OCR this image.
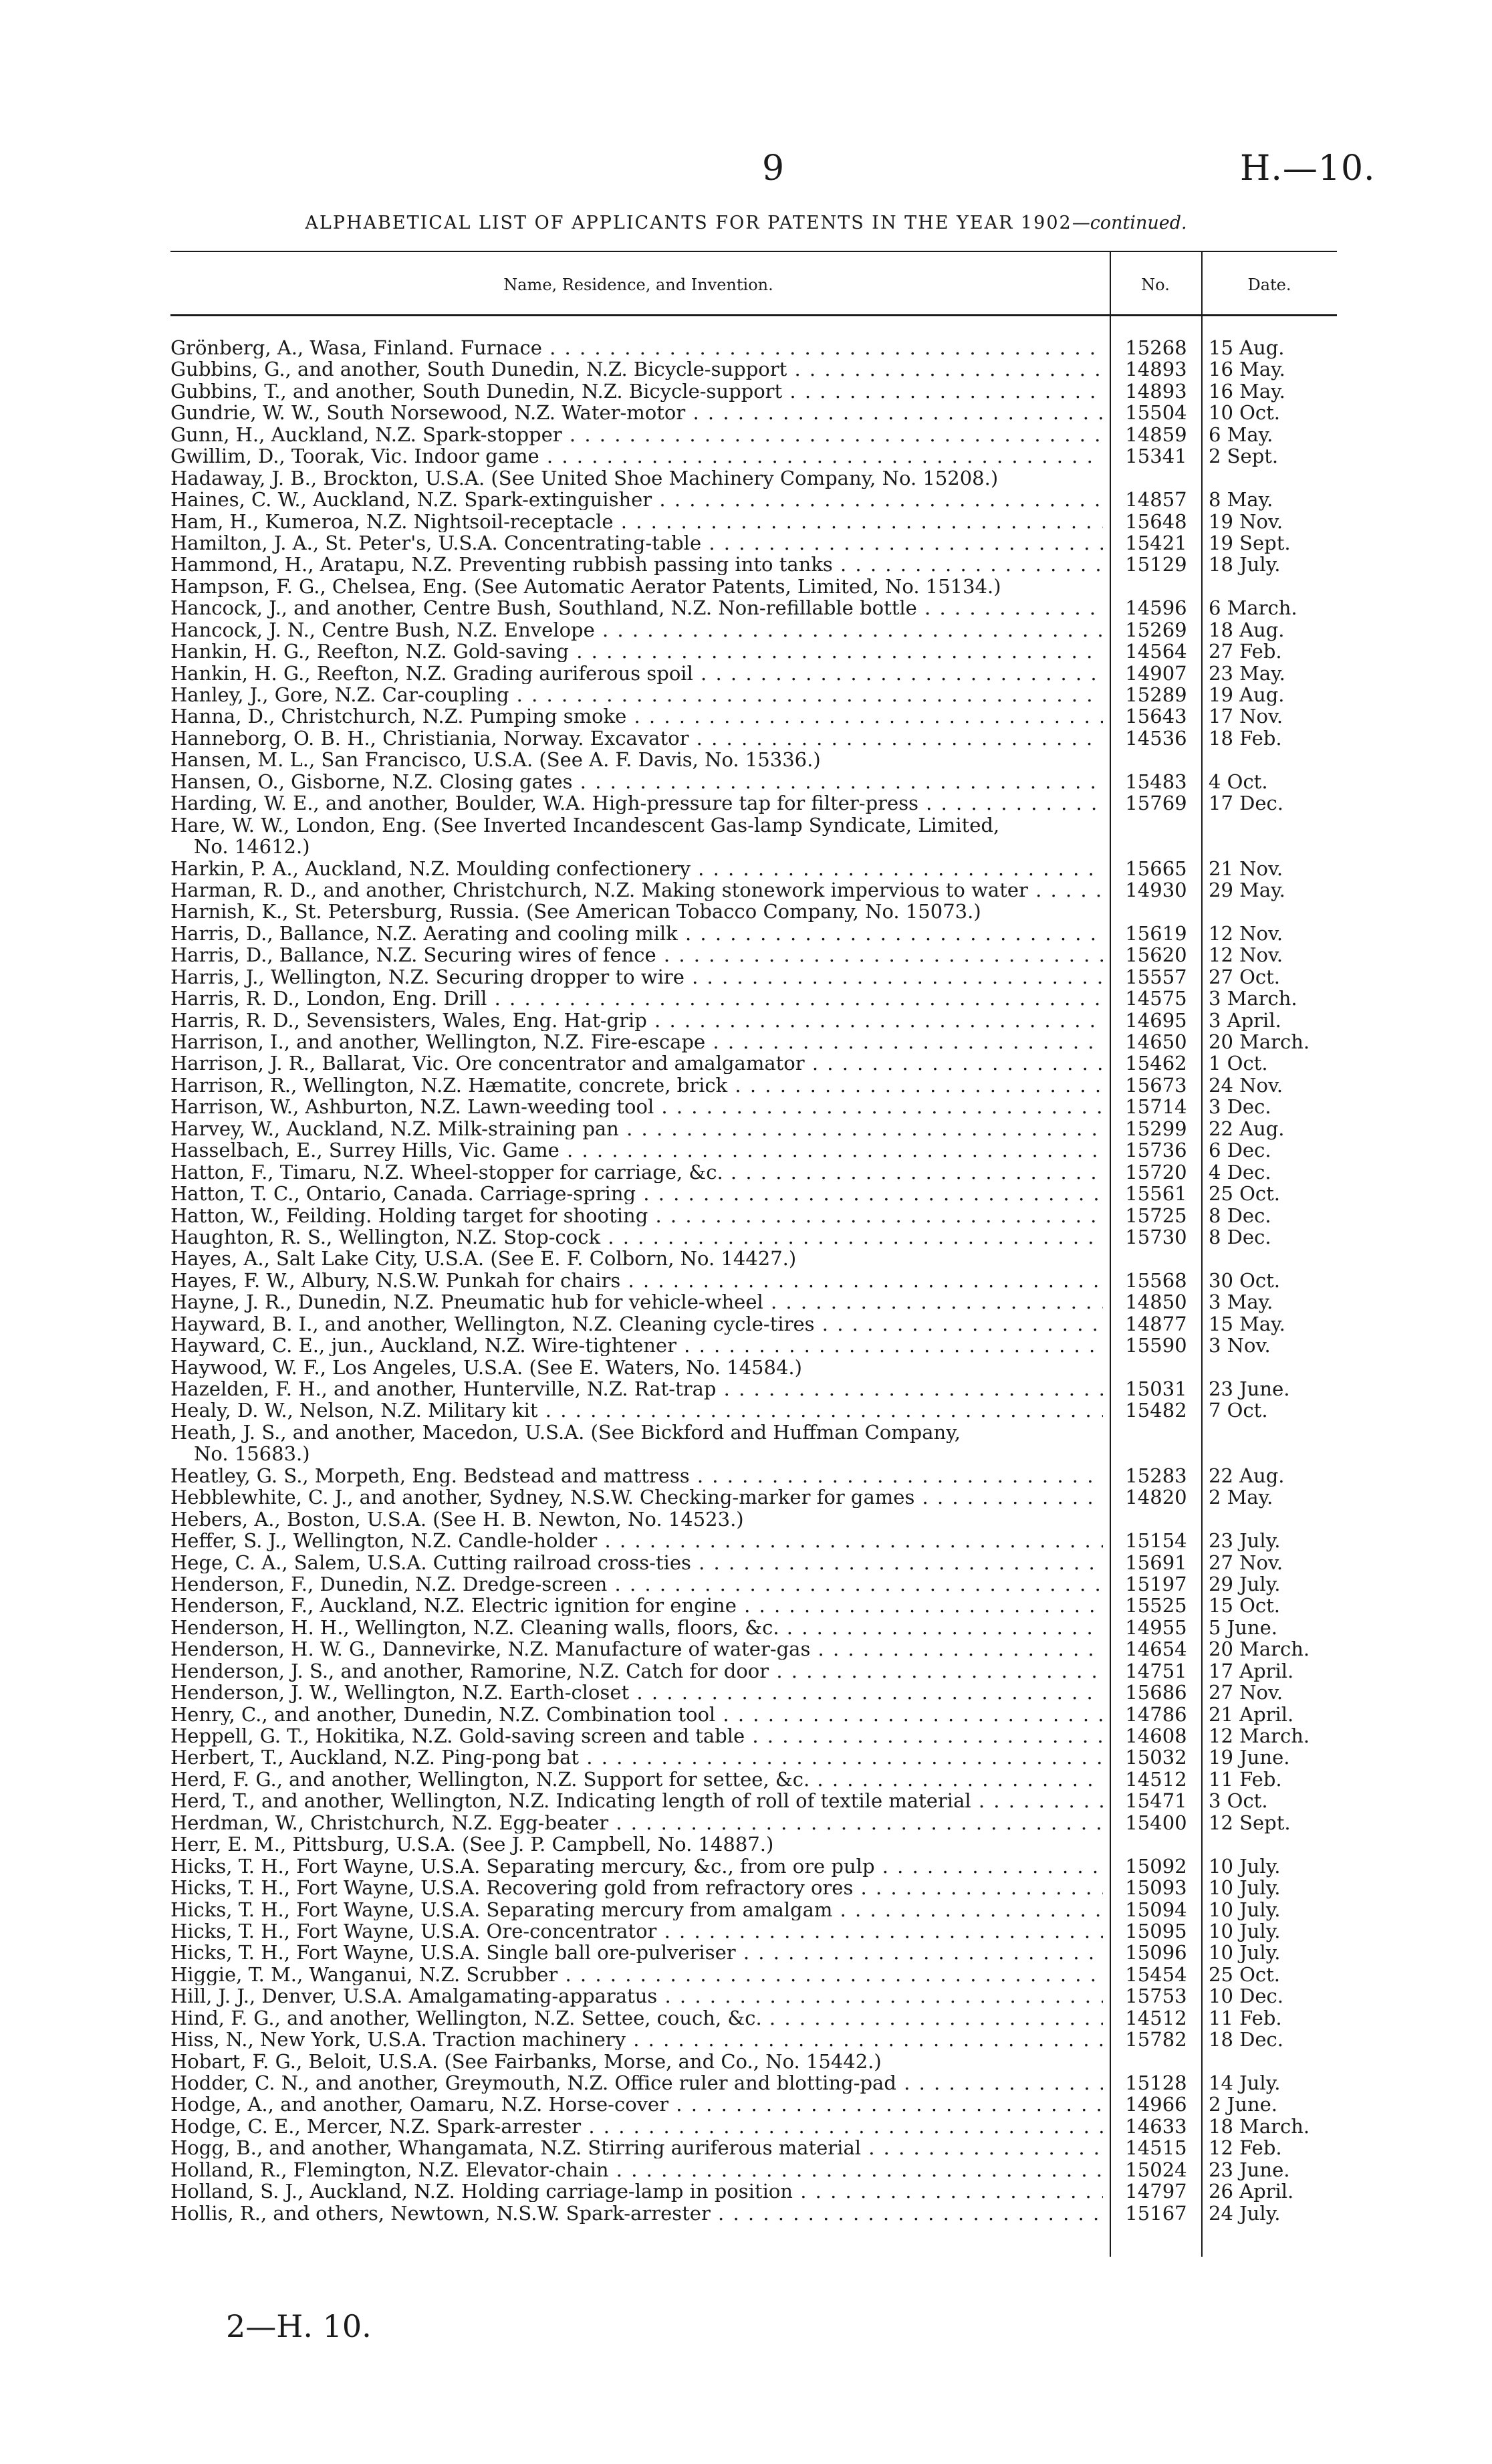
9	H.—10.
ALPHABETICAL LIST OF APPLICANTS FOR PATENTS IN THE YEAR 1902—continued.
Name, Residence, and Invention.	No.	Date.
Grönberg, A., Wasa, Finland. Furnace . .	15268	15 Aug.
Gubbins, G., and another, South Dunedin, N.Z. Bicycle-support . .	14893	16 May.
Gubbins, T., and another, South Dunedin, N.Z. Bicycle-support . .	14893	16 May.
Gundrie, W. W., South Norsewood, N.Z. Water-motor . .	15504	10 Oct.
Gunn, H., Auckland, N.Z. Spark-stopper . .	14859	6 May.
Gwillim, D., Toorak, Vic. Indoor game . .	15341	2 Sept.
Hadaway, J. B., Brockton, U.S.A. (See United Shoe Machinery Company, No. 15208.)
Haines, C. W., Auckland, N.Z. Spark-extinguisher . .	14857	8 May.
Ham, H., Kumeroa, N.Z. Nightsoil-receptacle . .	15648	19 Nov.
Hamilton, J. A., St. Peter's, U.S.A. Concentrating-table . .	15421	19 Sept.
Hammond, H., Aratapu, N.Z. Preventing rubbish passing into tanks . .	15129	18 July.
Hampson, F. G., Chelsea, Eng. (See Automatic Aerator Patents, Limited, No. 15134.)
Hancock, J., and another, Centre Bush, Southland, N.Z. Non-refillable bottle . .	14596	6 March.
Hancock, J. N., Centre Bush, N.Z. Envelope . .	15269	18 Aug.
Hankin, H. G., Reefton, N.Z. Gold-saving . .	14564	27 Feb.
Hankin, H. G., Reefton, N.Z. Grading auriferous spoil . .	14907	23 May.
Hanley, J., Gore, N.Z. Car-coupling . .	15289	19 Aug.
Hanna, D., Christchurch, N.Z. Pumping smoke . .	15643	17 Nov.
Hanneborg, O. B. H., Christiania, Norway. Excavator . .	14536	18 Feb.
Hansen, M. L., San Francisco, U.S.A. (See A. F. Davis, No. 15336.)
Hansen, O., Gisborne, N.Z. Closing gates . .	15483	4 Oct.
Harding, W. E., and another, Boulder, W.A. High-pressure tap for filter-press . .	15769	17 Dec.
Hare, W. W., London, Eng. (See Inverted Incandescent Gas-lamp Syndicate, Limited,
No. 14612.)
Harkin, P. A., Auckland, N.Z. Moulding confectionery . .	15665	21 Nov.
Harman, R. D., and another, Christchurch, N.Z. Making stonework impervious to water . .	14930	29 May.
Harnish, K., St. Petersburg, Russia. (See American Tobacco Company, No. 15073.)
Harris, D., Ballance, N.Z. Aerating and cooling milk . .	15619	12 Nov.
Harris, D., Ballance, N.Z. Securing wires of fence . .	15620	12 Nov.
Harris, J., Wellington, N.Z. Securing dropper to wire . .	15557	27 Oct.
Harris, R. D., London, Eng. Drill . .	14575	3 March.
Harris, R. D., Sevensisters, Wales, Eng. Hat-grip . .	14695	3 April.
Harrison, I., and another, Wellington, N.Z. Fire-escape . .	14650	20 March.
Harrison, J. R., Ballarat, Vic. Ore concentrator and amalgamator . .	15462	1 Oct.
Harrison, R., Wellington, N.Z. Hæmatite, concrete, brick . .	15673	24 Nov.
Harrison, W., Ashburton, N.Z. Lawn-weeding tool . .	15714	3 Dec.
Harvey, W., Auckland, N.Z. Milk-straining pan . .	15299	22 Aug.
Hasselbach, E., Surrey Hills, Vic. Game . .	15736	6 Dec.
Hatton, F., Timaru, N.Z. Wheel-stopper for carriage, &c. . .	15720	4 Dec.
Hatton, T. C., Ontario, Canada. Carriage-spring . .	15561	25 Oct.
Hatton, W., Feilding. Holding target for shooting . .	15725	8 Dec.
Haughton, R. S., Wellington, N.Z. Stop-cock . .	15730	8 Dec.
Hayes, A., Salt Lake City, U.S.A. (See E. F. Colborn, No. 14427.)
Hayes, F. W., Albury, N.S.W. Punkah for chairs . .	15568	30 Oct.
Hayne, J. R., Dunedin, N.Z. Pneumatic hub for vehicle-wheel . .	14850	3 May.
Hayward, B. I., and another, Wellington, N.Z. Cleaning cycle-tires . .	14877	15 May.
Hayward, C. E., jun., Auckland, N.Z. Wire-tightener . .	15590	3 Nov.
Haywood, W. F., Los Angeles, U.S.A. (See E. Waters, No. 14584.)
Hazelden, F. H., and another, Hunterville, N.Z. Rat-trap . .	15031	23 June.
Healy, D. W., Nelson, N.Z. Military kit . .	15482	7 Oct.
Heath, J. S., and another, Macedon, U.S.A. (See Bickford and Huffman Company,
No. 15683.)
Heatley, G. S., Morpeth, Eng. Bedstead and mattress . .	15283	22 Aug.
Hebblewhite, C. J., and another, Sydney, N.S.W. Checking-marker for games . .	14820	2 May.
Hebers, A., Boston, U.S.A. (See H. B. Newton, No. 14523.)
Heffer, S. J., Wellington, N.Z. Candle-holder . .	15154	23 July.
Hege, C. A., Salem, U.S.A. Cutting railroad cross-ties . .	15691	27 Nov.
Henderson, F., Dunedin, N.Z. Dredge-screen . .	15197	29 July.
Henderson, F., Auckland, N.Z. Electric ignition for engine . .	15525	15 Oct.
Henderson, H. H., Wellington, N.Z. Cleaning walls, floors, &c. . .	14955	5 June.
Henderson, H. W. G., Dannevirke, N.Z. Manufacture of water-gas . .	14654	20 March.
Henderson, J. S., and another, Ramorine, N.Z. Catch for door . .	14751	17 April.
Henderson, J. W., Wellington, N.Z. Earth-closet . .	15686	27 Nov.
Henry, C., and another, Dunedin, N.Z. Combination tool . .	14786	21 April.
Heppell, G. T., Hokitika, N.Z. Gold-saving screen and table . .	14608	12 March.
Herbert, T., Auckland, N.Z. Ping-pong bat . .	15032	19 June.
Herd, F. G., and another, Wellington, N.Z. Support for settee, &c. . .	14512	11 Feb.
Herd, T., and another, Wellington, N.Z. Indicating length of roll of textile material . .	15471	3 Oct.
Herdman, W., Christchurch, N.Z. Egg-beater . .	15400	12 Sept.
Herr, E. M., Pittsburg, U.S.A. (See J. P. Campbell, No. 14887.)
Hicks, T. H., Fort Wayne, U.S.A. Separating mercury, &c., from ore pulp . .	15092	10 July.
Hicks, T. H., Fort Wayne, U.S.A. Recovering gold from refractory ores . .	15093	10 July.
Hicks, T. H., Fort Wayne, U.S.A. Separating mercury from amalgam . .	15094	10 July.
Hicks, T. H., Fort Wayne, U.S.A. Ore-concentrator . .	15095	10 July.
Hicks, T. H., Fort Wayne, U.S.A. Single ball ore-pulveriser . .	15096	10 July.
Higgie, T. M., Wanganui, N.Z. Scrubber . .	15454	25 Oct.
Hill, J. J., Denver, U.S.A. Amalgamating-apparatus . .	15753	10 Dec.
Hind, F. G., and another, Wellington, N.Z. Settee, couch, &c. . .	14512	11 Feb.
Hiss, N., New York, U.S.A. Traction machinery . .	15782	18 Dec.
Hobart, F. G., Beloit, U.S.A. (See Fairbanks, Morse, and Co., No. 15442.)
Hodder, C. N., and another, Greymouth, N.Z. Office ruler and blotting-pad . .	15128	14 July.
Hodge, A., and another, Oamaru, N.Z. Horse-cover . .	14966	2 June.
Hodge, C. E., Mercer, N.Z. Spark-arrester . .	14633	18 March.
Hogg, B., and another, Whangamata, N.Z. Stirring auriferous material . .	14515	12 Feb.
Holland, R., Flemington, N.Z. Elevator-chain . .	15024	23 June.
Holland, S. J., Auckland, N.Z. Holding carriage-lamp in position . .	14797	26 April.
Hollis, R., and others, Newtown, N.S.W. Spark-arrester . .	15167	24 July.
2—H. 10.
